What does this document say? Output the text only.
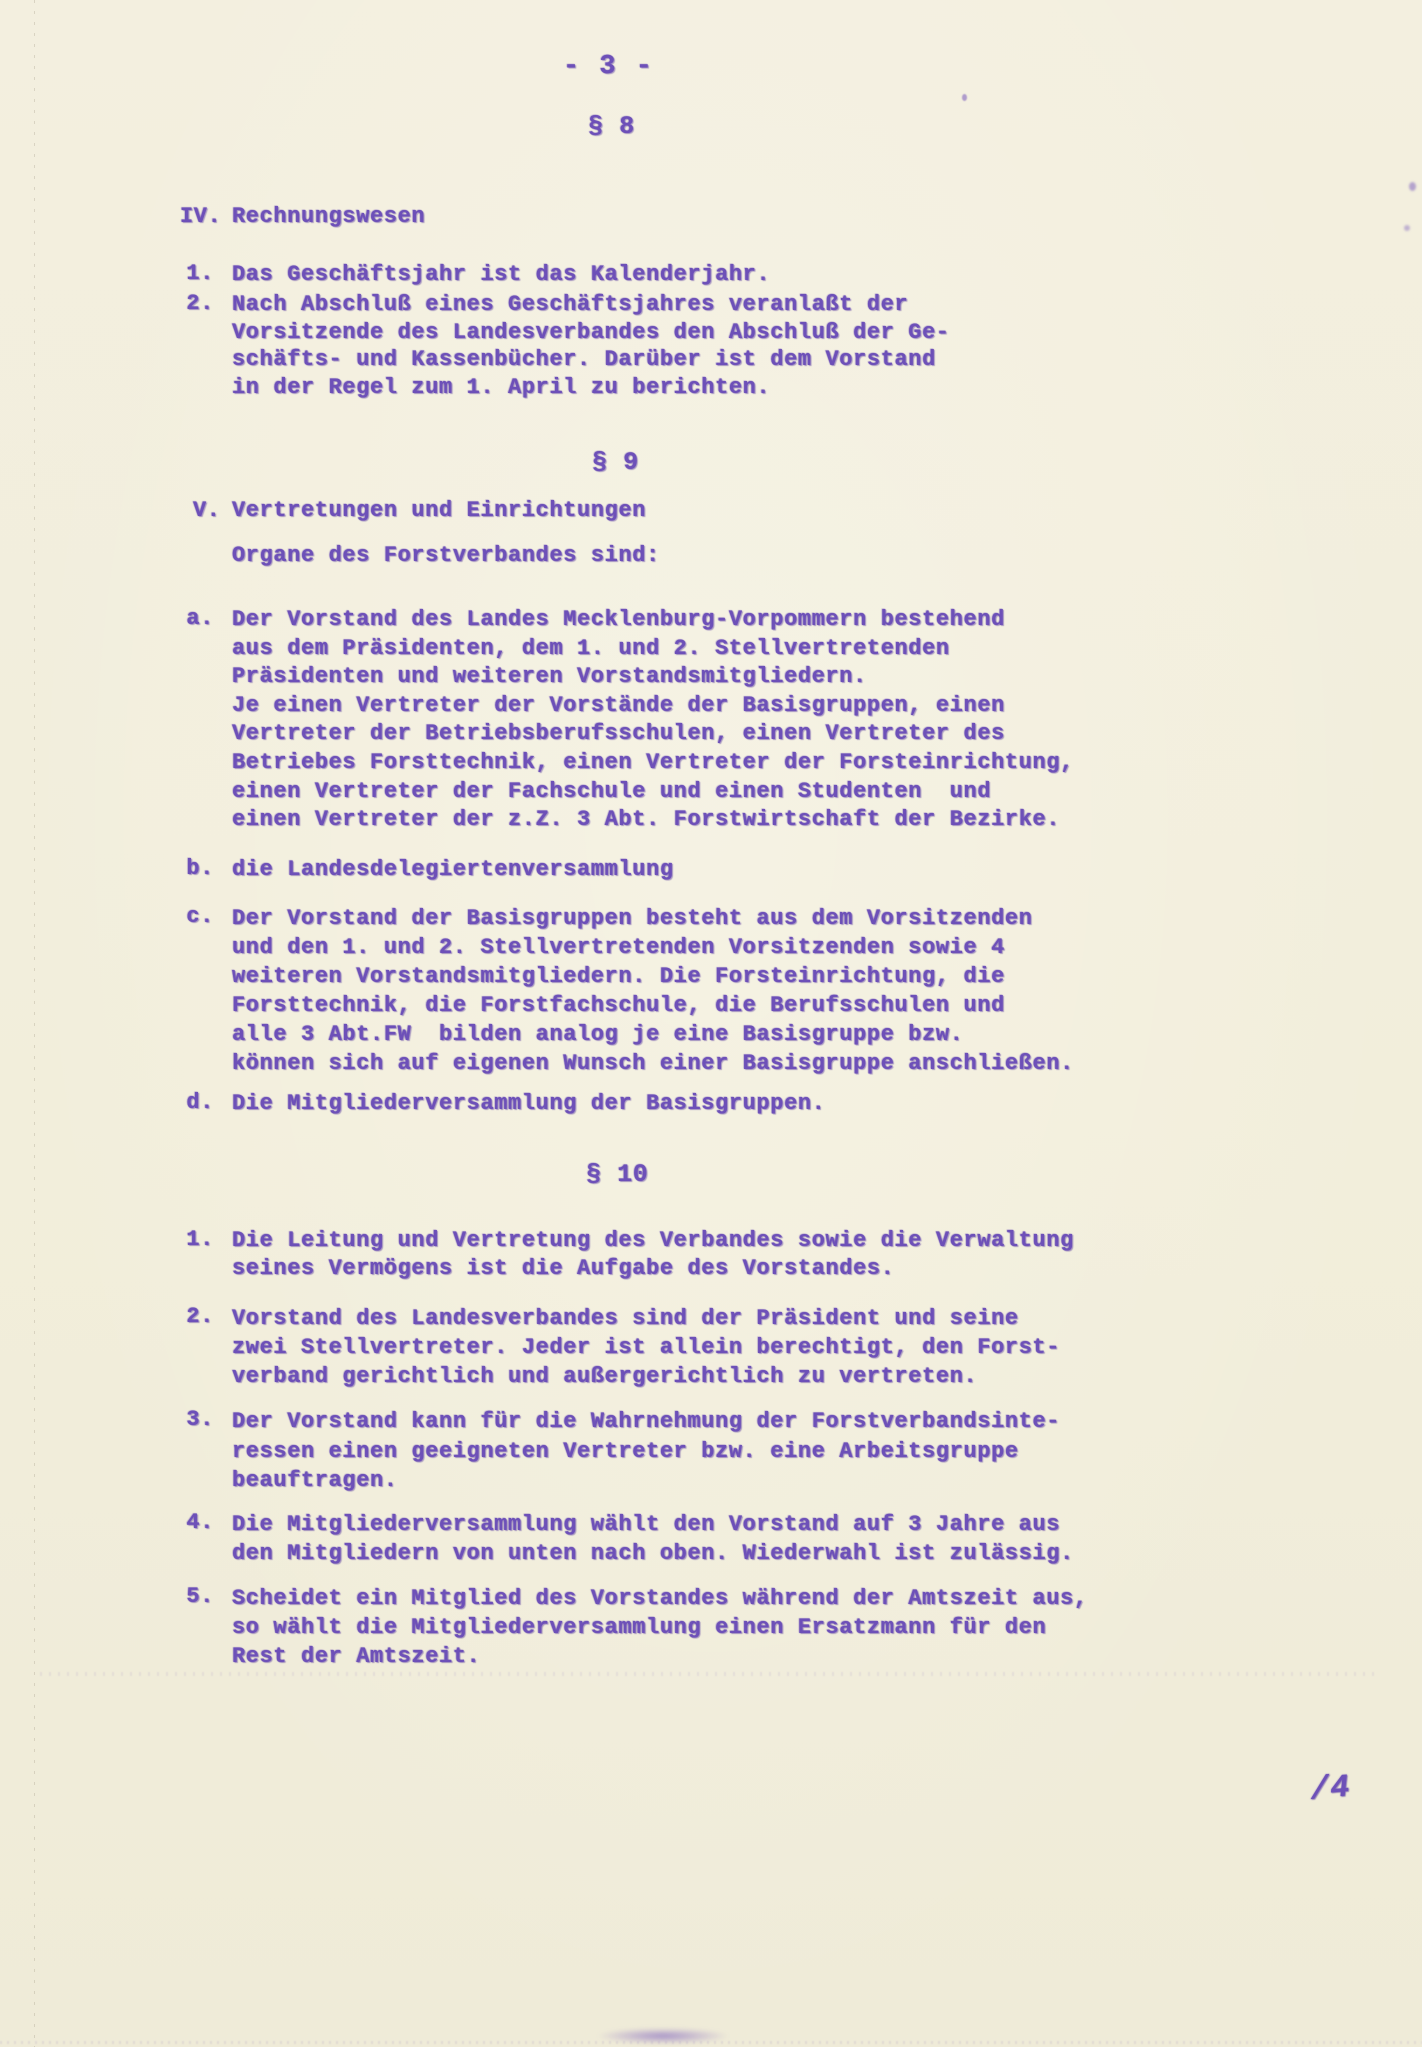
- 3 -
§ 8
IV. Rechnungswesen
1. Das Geschäftsjahr ist das Kalenderjahr.
2. Nach Abschluß eines Geschäftsjahres veranlaßt der
Vorsitzende des Landesverbandes den Abschluß der Ge-
schäfts- und Kassenbücher. Darüber ist dem Vorstand
in der Regel zum 1. April zu berichten.
§ 9
V. Vertretungen und Einrichtungen
Organe des Forstverbandes sind:
a. Der Vorstand des Landes Mecklenburg-Vorpommern bestehend
aus dem Präsidenten, dem 1. und 2. Stellvertretenden
Präsidenten und weiteren Vorstandsmitgliedern.
Je einen Vertreter der Vorstände der Basisgruppen, einen
Vertreter der Betriebsberufsschulen, einen Vertreter des
Betriebes Forsttechnik, einen Vertreter der Forsteinrichtung,
einen Vertreter der Fachschule und einen Studenten  und
einen Vertreter der z.Z. 3 Abt. Forstwirtschaft der Bezirke.
b. die Landesdelegiertenversammlung
c. Der Vorstand der Basisgruppen besteht aus dem Vorsitzenden
und den 1. und 2. Stellvertretenden Vorsitzenden sowie 4
weiteren Vorstandsmitgliedern. Die Forsteinrichtung, die
Forsttechnik, die Forstfachschule, die Berufsschulen und
alle 3 Abt.FW  bilden analog je eine Basisgruppe bzw.
können sich auf eigenen Wunsch einer Basisgruppe anschließen.
d. Die Mitgliederversammlung der Basisgruppen.
§ 10
1. Die Leitung und Vertretung des Verbandes sowie die Verwaltung
seines Vermögens ist die Aufgabe des Vorstandes.
2. Vorstand des Landesverbandes sind der Präsident und seine
zwei Stellvertreter. Jeder ist allein berechtigt, den Forst-
verband gerichtlich und außergerichtlich zu vertreten.
3. Der Vorstand kann für die Wahrnehmung der Forstverbandsinte-
ressen einen geeigneten Vertreter bzw. eine Arbeitsgruppe
beauftragen.
4. Die Mitgliederversammlung wählt den Vorstand auf 3 Jahre aus
den Mitgliedern von unten nach oben. Wiederwahl ist zulässig.
5. Scheidet ein Mitglied des Vorstandes während der Amtszeit aus,
so wählt die Mitgliederversammlung einen Ersatzmann für den
Rest der Amtszeit.
/4
